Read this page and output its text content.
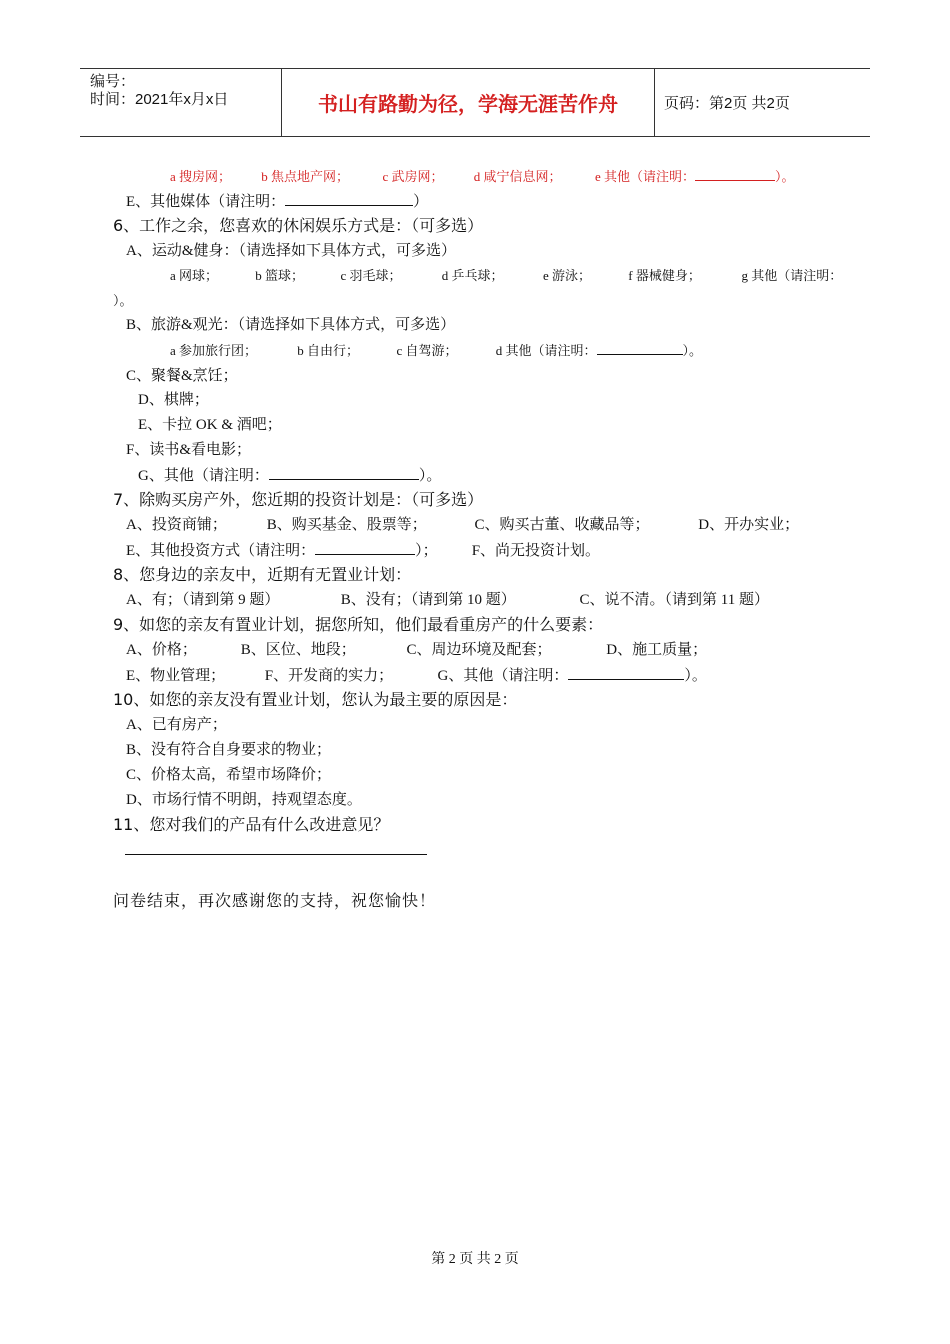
编号：
时间：2021年x月x日	书山有路勤为径，学海无涯苦作舟	页码：第2页 共2页
a 搜房网； b 焦点地产网；	c 武房网； d 咸宁信息网；	e 其他（请注明：	）。
E、其他媒体（请注明：	）
6、工作之余，您喜欢的休闲娱乐方式是：（可多选）
A、运动&健身：（请选择如下具体方式，可多选）
a 网球；	b 篮球；	c 羽毛球；	d 乒乓球；	e 游泳；	f 器械健身；	g 其他（请注明：
）。
B、旅游&观光：（请选择如下具体方式，可多选）
a 参加旅行团；	b 自由行；	c 自驾游；	d 其他（请注明：	）。
C、聚餐&烹饪；
D、棋牌；
E、卡拉 OK & 酒吧；
F、读书&看电影；
G、其他（请注明：	）。
7、除购买房产外，您近期的投资计划是：（可多选）
A、投资商铺；	B、购买基金、股票等；	C、购买古董、收藏品等；	D、开办实业；
E、其他投资方式（请注明：	）； F、尚无投资计划。
8、您身边的亲友中，近期有无置业计划：
A、有；（请到第 9 题）	B、没有；（请到第 10 题）	C、说不清。（请到第 11 题）
9、如您的亲友有置业计划，据您所知，他们最看重房产的什么要素：
A、价格；	B、区位、地段；	C、周边环境及配套；	D、施工质量；
E、物业管理；	F、开发商的实力；	G、其他（请注明：	）。
10、如您的亲友没有置业计划，您认为最主要的原因是：
A、已有房产；
B、没有符合自身要求的物业；
C、价格太高，希望市场降价；
D、市场行情不明朗，持观望态度。
11、您对我们的产品有什么改进意见？
问卷结束，再次感谢您的支持，祝您愉快！
第 2 页 共 2 页
